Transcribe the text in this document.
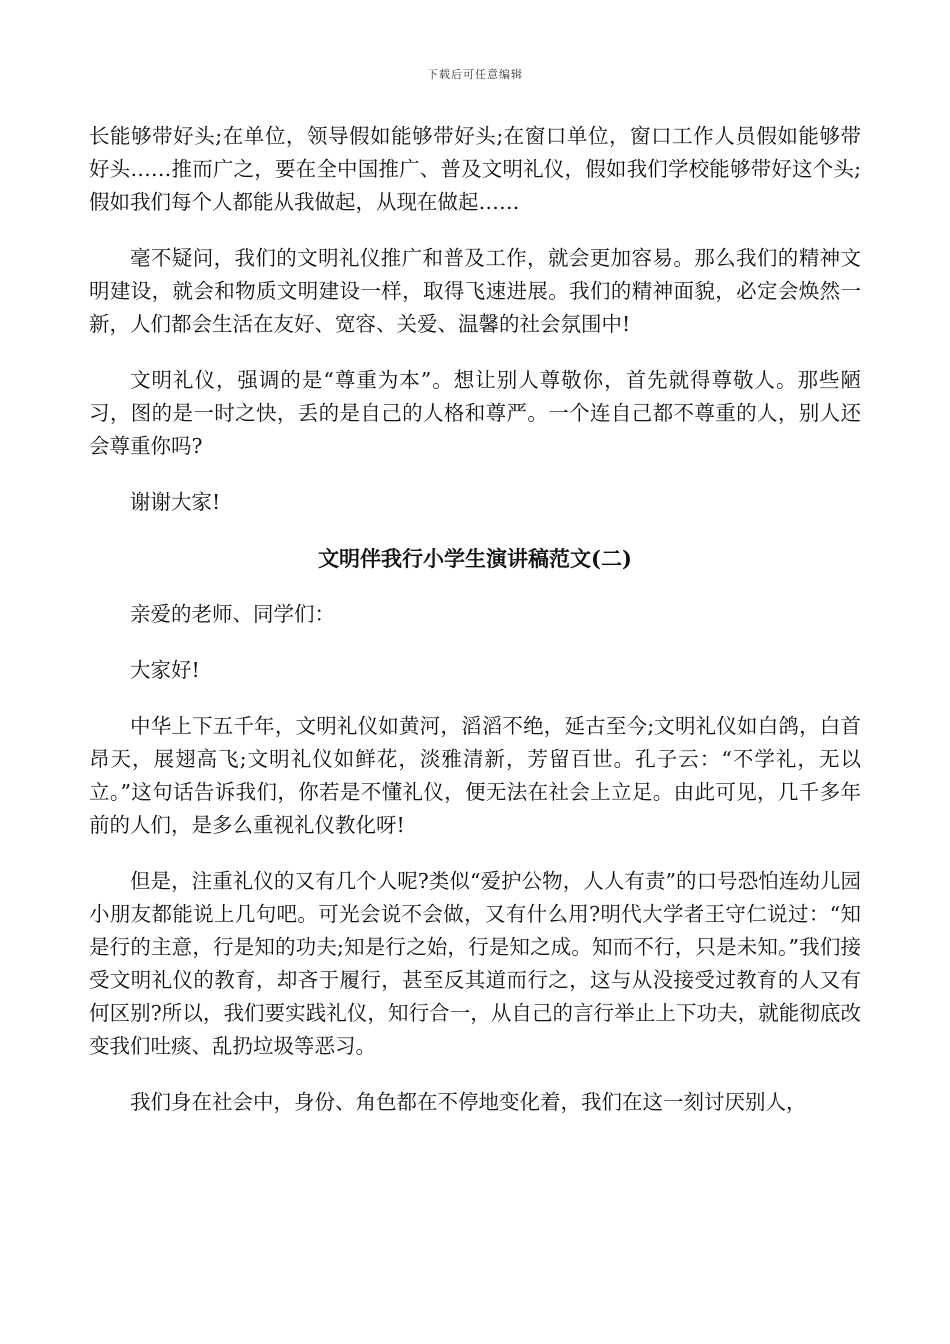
下载后可任意编辑

长能够带好头;在单位，领导假如能够带好头;在窗口单位，窗口工作人员假如能够带好头……推而广之，要在全中国推广、普及文明礼仪，假如我们学校能够带好这个头;假如我们每个人都能从我做起，从现在做起……

毫不疑问，我们的文明礼仪推广和普及工作，就会更加容易。那么我们的精神文明建设，就会和物质文明建设一样，取得飞速进展。我们的精神面貌，必定会焕然一新，人们都会生活在友好、宽容、关爱、温馨的社会氛围中!

文明礼仪，强调的是“尊重为本”。想让别人尊敬你，首先就得尊敬人。那些陋习，图的是一时之快，丢的是自己的人格和尊严。一个连自己都不尊重的人，别人还会尊重你吗?

谢谢大家!

文明伴我行小学生演讲稿范文(二)

亲爱的老师、同学们：

大家好!

中华上下五千年，文明礼仪如黄河，滔滔不绝，延古至今;文明礼仪如白鸽，白首昂天，展翅高飞;文明礼仪如鲜花，淡雅清新，芳留百世。孔子云：“不学礼，无以立。”这句话告诉我们，你若是不懂礼仪，便无法在社会上立足。由此可见，几千多年前的人们，是多么重视礼仪教化呀!

但是，注重礼仪的又有几个人呢?类似“爱护公物，人人有责”的口号恐怕连幼儿园小朋友都能说上几句吧。可光会说不会做，又有什么用?明代大学者王守仁说过：“知是行的主意，行是知的功夫;知是行之始，行是知之成。知而不行，只是未知。”我们接受文明礼仪的教育，却吝于履行，甚至反其道而行之，这与从没接受过教育的人又有何区别?所以，我们要实践礼仪，知行合一，从自己的言行举止上下功夫，就能彻底改变我们吐痰、乱扔垃圾等恶习。

我们身在社会中，身份、角色都在不停地变化着，我们在这一刻讨厌别人，
